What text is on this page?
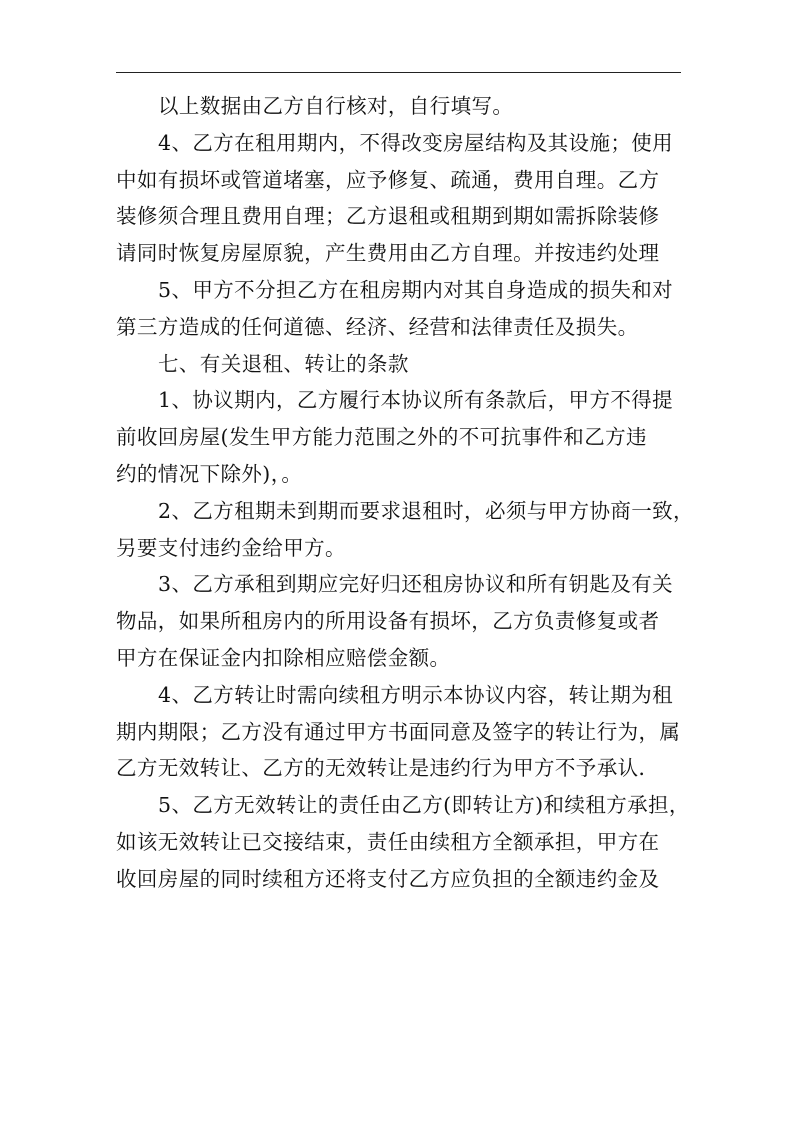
以上数据由乙方自行核对，自行填写。

4、乙方在租用期内，不得改变房屋结构及其设施；使用
中如有损坏或管道堵塞，应予修复、疏通，费用自理。乙方
装修须合理且费用自理；乙方退租或租期到期如需拆除装修
请同时恢复房屋原貌，产生费用由乙方自理。并按违约处理

5、甲方不分担乙方在租房期内对其自身造成的损失和对
第三方造成的任何道德、经济、经营和法律责任及损失。

七、有关退租、转让的条款

1、协议期内，乙方履行本协议所有条款后，甲方不得提
前收回房屋(发生甲方能力范围之外的不可抗事件和乙方违
约的情况下除外)，。

2、乙方租期未到期而要求退租时，必须与甲方协商一致，
另要支付违约金给甲方。

3、乙方承租到期应完好归还租房协议和所有钥匙及有关
物品，如果所租房内的所用设备有损坏，乙方负责修复或者
甲方在保证金内扣除相应赔偿金额。

4、乙方转让时需向续租方明示本协议内容，转让期为租
期内期限；乙方没有通过甲方书面同意及签字的转让行为，属
乙方无效转让、乙方的无效转让是违约行为甲方不予承认．

5、乙方无效转让的责任由乙方(即转让方)和续租方承担，
如该无效转让已交接结束，责任由续租方全额承担，甲方在
收回房屋的同时续租方还将支付乙方应负担的全额违约金及
